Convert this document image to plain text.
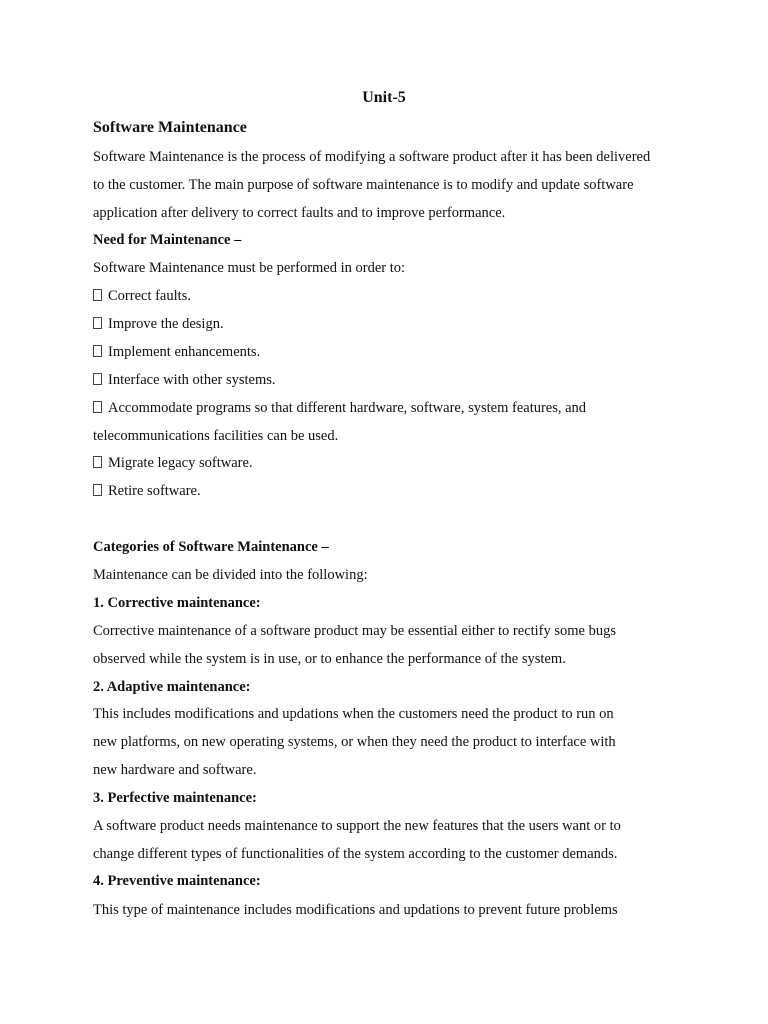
Unit-5
Software Maintenance
Software Maintenance is the process of modifying a software product after it has been delivered
to the customer. The main purpose of software maintenance is to modify and update software
application after delivery to correct faults and to improve performance.
Need for Maintenance –
Software Maintenance must be performed in order to:
Correct faults.
Improve the design.
Implement enhancements.
Interface with other systems.
Accommodate programs so that different hardware, software, system features, and
telecommunications facilities can be used.
Migrate legacy software.
Retire software.
Categories of Software Maintenance –
Maintenance can be divided into the following:
1. Corrective maintenance:
Corrective maintenance of a software product may be essential either to rectify some bugs
observed while the system is in use, or to enhance the performance of the system.
2. Adaptive maintenance:
This includes modifications and updations when the customers need the product to run on
new platforms, on new operating systems, or when they need the product to interface with
new hardware and software.
3. Perfective maintenance:
A software product needs maintenance to support the new features that the users want or to
change different types of functionalities of the system according to the customer demands.
4. Preventive maintenance:
This type of maintenance includes modifications and updations to prevent future problems
